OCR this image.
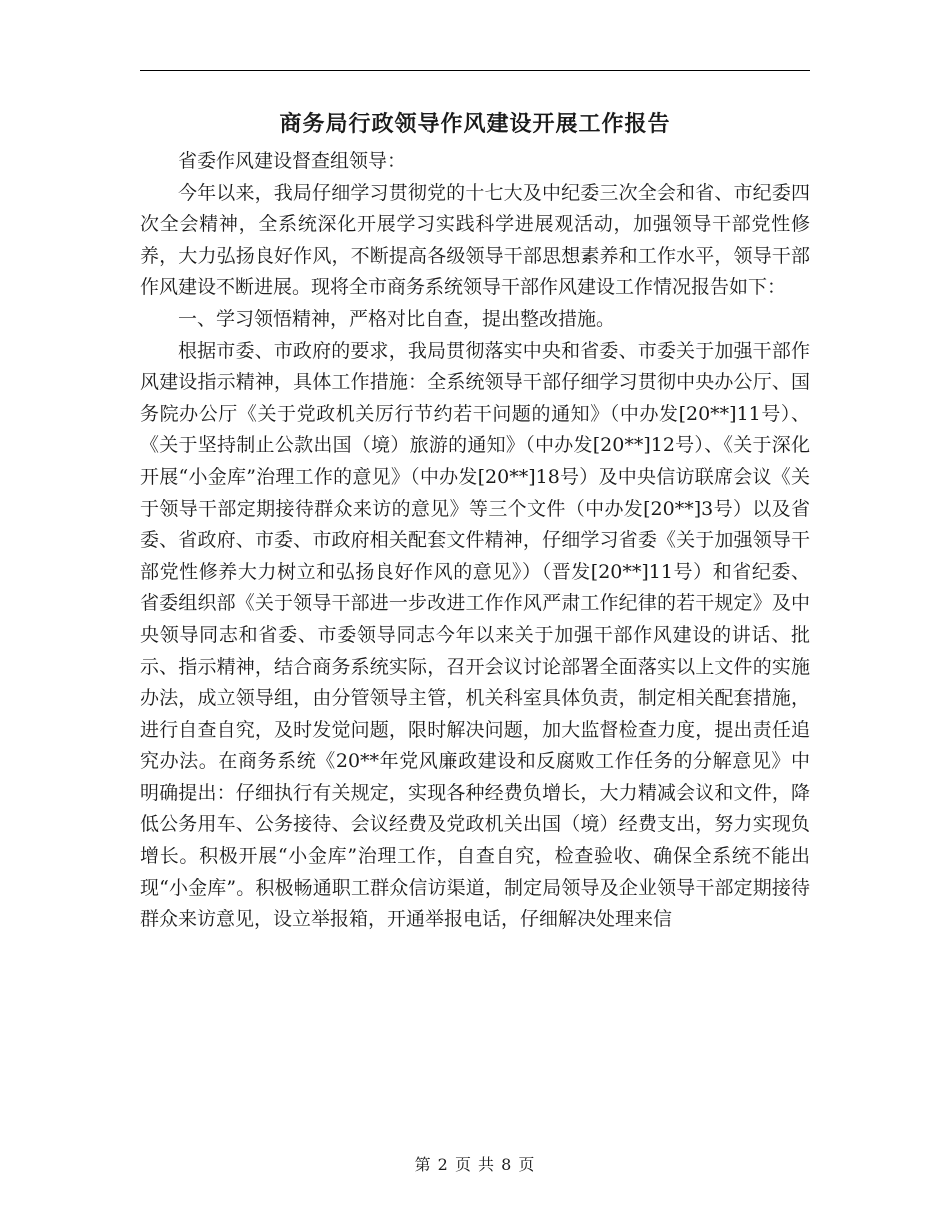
商务局行政领导作风建设开展工作报告

省委作风建设督查组领导：

今年以来，我局仔细学习贯彻党的十七大及中纪委三次全会和省、市纪委四次全会精神，全系统深化开展学习实践科学进展观活动，加强领导干部党性修养，大力弘扬良好作风，不断提高各级领导干部思想素养和工作水平，领导干部作风建设不断进展。现将全市商务系统领导干部作风建设工作情况报告如下：

一、学习领悟精神，严格对比自查，提出整改措施。

根据市委、市政府的要求，我局贯彻落实中央和省委、市委关于加强干部作风建设指示精神，具体工作措施：全系统领导干部仔细学习贯彻中央办公厅、国务院办公厅《关于党政机关厉行节约若干问题的通知》（中办发[20**]11号）、《关于坚持制止公款出国（境）旅游的通知》（中办发[20**]12号）、《关于深化开展“小金库”治理工作的意见》（中办发[20**]18号）及中央信访联席会议《关于领导干部定期接待群众来访的意见》等三个文件（中办发[20**]3号）以及省委、省政府、市委、市政府相关配套文件精神，仔细学习省委《关于加强领导干部党性修养大力树立和弘扬良好作风的意见》）（晋发[20**]11号）和省纪委、省委组织部《关于领导干部进一步改进工作作风严肃工作纪律的若干规定》及中央领导同志和省委、市委领导同志今年以来关于加强干部作风建设的讲话、批示、指示精神，结合商务系统实际，召开会议讨论部署全面落实以上文件的实施办法，成立领导组，由分管领导主管，机关科室具体负责，制定相关配套措施，进行自查自究，及时发觉问题，限时解决问题，加大监督检查力度，提出责任追究办法。在商务系统《20**年党风廉政建设和反腐败工作任务的分解意见》中明确提出：仔细执行有关规定，实现各种经费负增长，大力精减会议和文件，降低公务用车、公务接待、会议经费及党政机关出国（境）经费支出，努力实现负增长。积极开展“小金库”治理工作，自查自究，检查验收、确保全系统不能出现“小金库”。积极畅通职工群众信访渠道，制定局领导及企业领导干部定期接待群众来访意见，设立举报箱，开通举报电话，仔细解决处理来信

第 2 页 共 8 页
